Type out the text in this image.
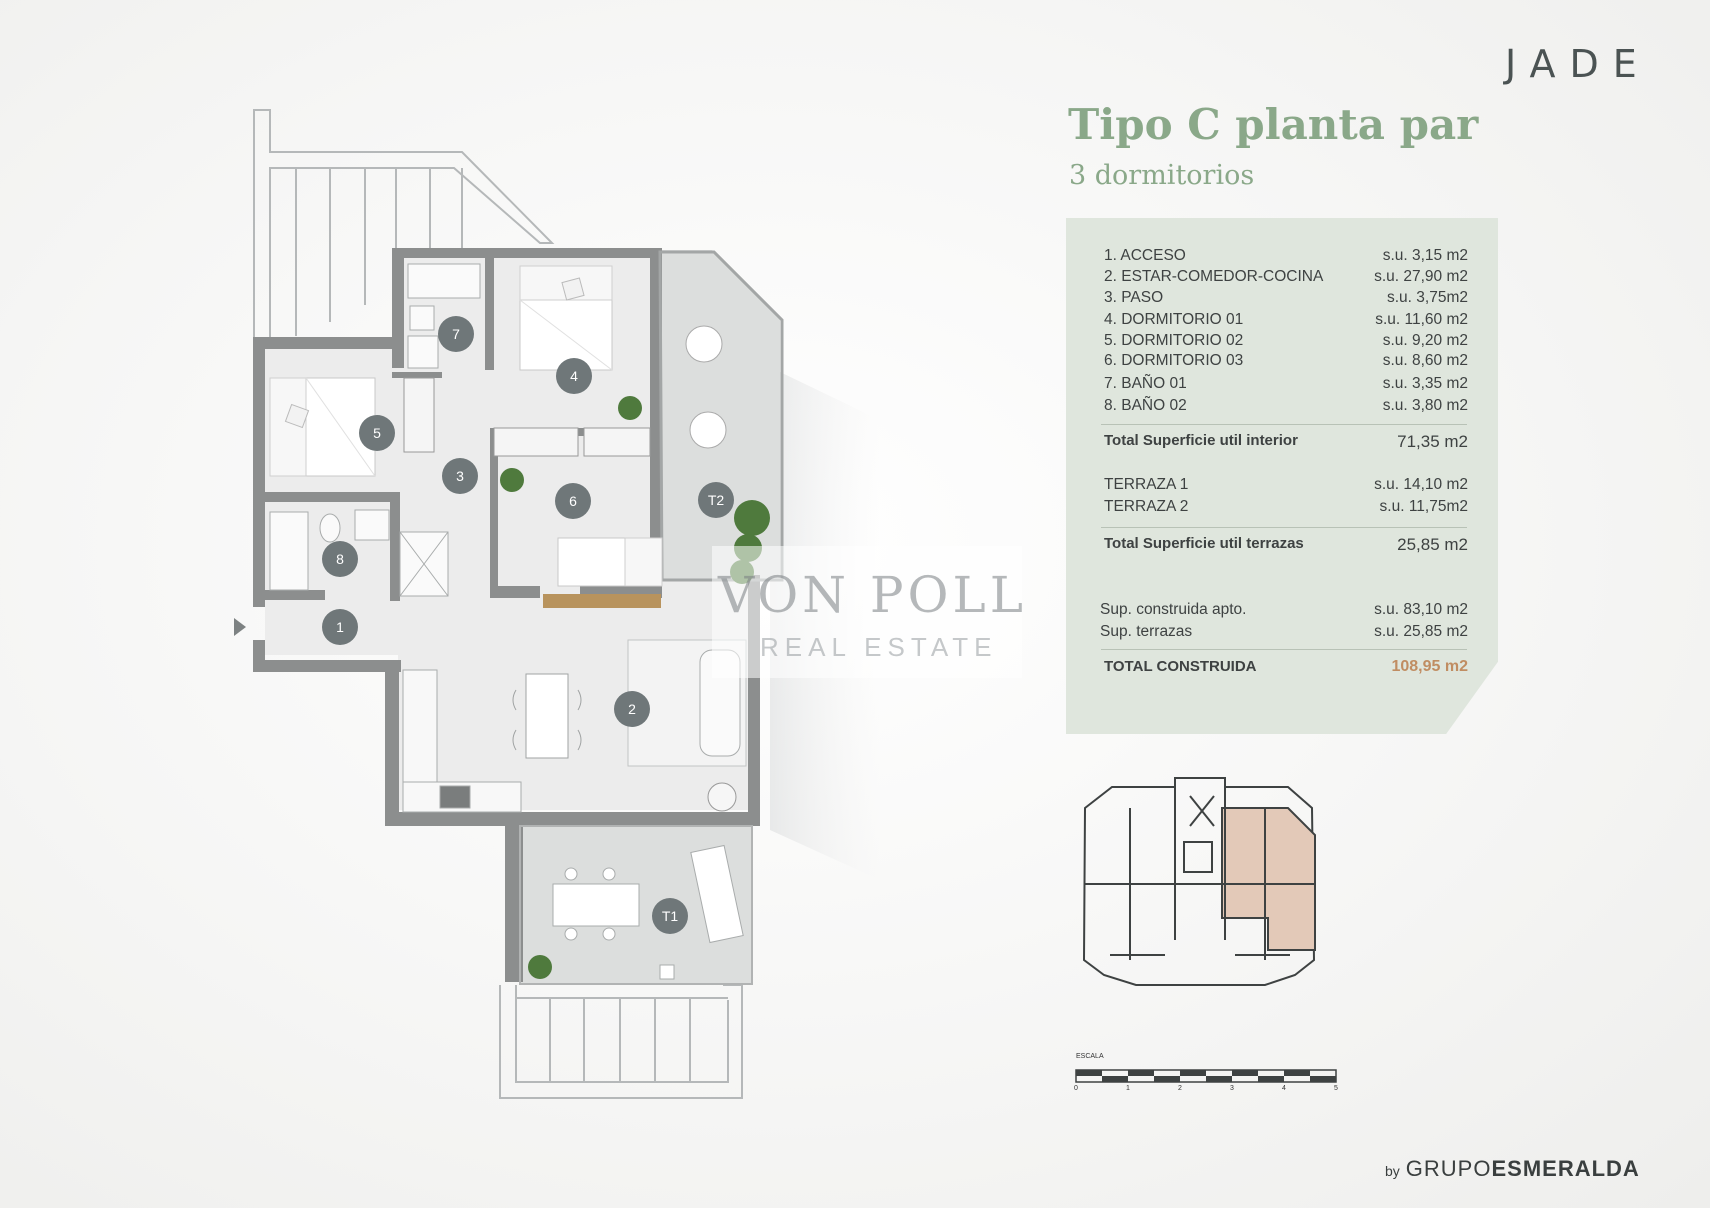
JADE
Tipo C planta par
3 dormitorios
1. ACCESO	s.u. 3,15 m2
2. ESTAR-COMEDOR-COCINA	s.u. 27,90 m2
3. PASO	s.u. 3,75m2
4. DORMITORIO 01	s.u. 11,60 m2
5. DORMITORIO 02	s.u. 9,20 m2
6. DORMITORIO 03	s.u. 8,60 m2
7. BAÑO 01	s.u. 3,35 m2
8. BAÑO 02	s.u. 3,80 m2
Total Superficie util interior	71,35 m2
TERRAZA 1	s.u. 14,10 m2
TERRAZA 2	s.u. 11,75m2
Total Superficie util terrazas	25,85 m2
Sup. construida apto.	s.u. 83,10 m2
Sup. terrazas	s.u. 25,85 m2
TOTAL CONSTRUIDA	108,95 m2
1
2
3
4
5
6
7
8
T1
T2
ESCALA
0	1	2	3	4	5
VON POLL
REAL ESTATE
by GRUPOESMERALDA
